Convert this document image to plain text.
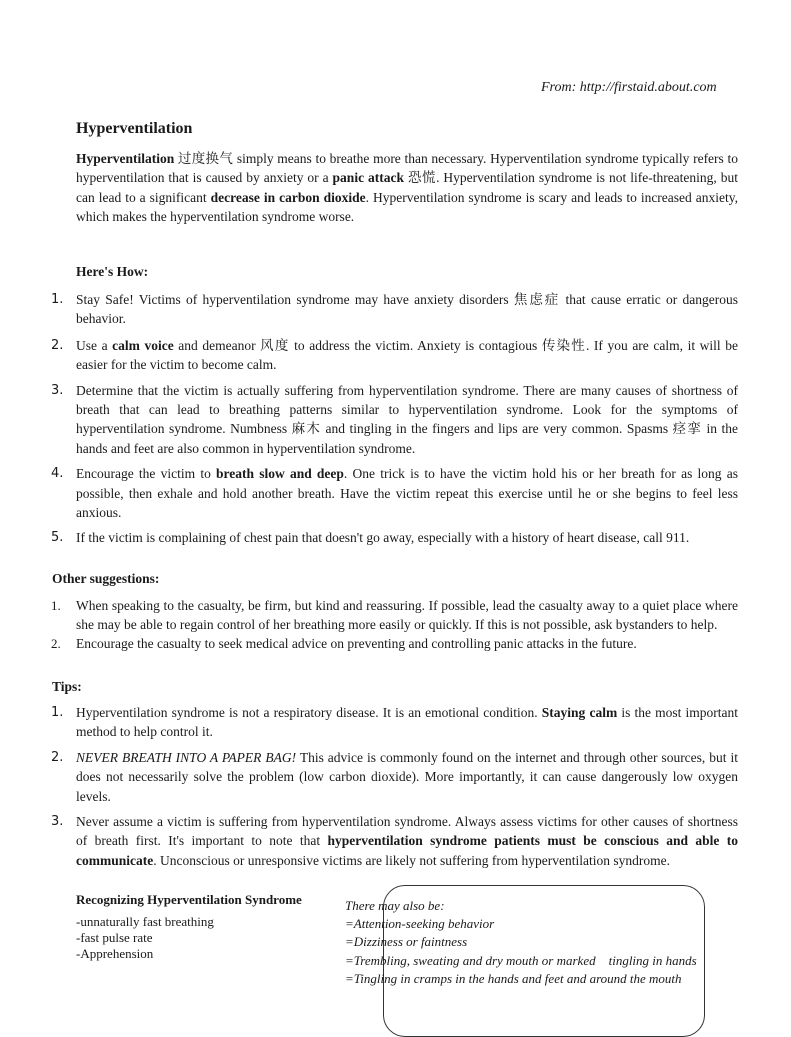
From: http://firstaid.about.com
Hyperventilation
Hyperventilation 过度换气 simply means to breathe more than necessary. Hyperventilation syndrome typically refers to hyperventilation that is caused by anxiety or a panic attack 恐慌. Hyperventilation syndrome is not life-threatening, but can lead to a significant decrease in carbon dioxide. Hyperventilation syndrome is scary and leads to increased anxiety, which makes the hyperventilation syndrome worse.
Here's How:
1. Stay Safe! Victims of hyperventilation syndrome may have anxiety disorders 焦虑症 that cause erratic or dangerous behavior.
2. Use a calm voice and demeanor 风度 to address the victim. Anxiety is contagious 传染性. If you are calm, it will be easier for the victim to become calm.
3. Determine that the victim is actually suffering from hyperventilation syndrome. There are many causes of shortness of breath that can lead to breathing patterns similar to hyperventilation syndrome. Look for the symptoms of hyperventilation syndrome. Numbness 麻木 and tingling in the fingers and lips are very common. Spasms 痉挛 in the hands and feet are also common in hyperventilation syndrome.
4. Encourage the victim to breath slow and deep. One trick is to have the victim hold his or her breath for as long as possible, then exhale and hold another breath. Have the victim repeat this exercise until he or she begins to feel less anxious.
5. If the victim is complaining of chest pain that doesn't go away, especially with a history of heart disease, call 911.
Other suggestions:
1. When speaking to the casualty, be firm, but kind and reassuring. If possible, lead the casualty away to a quiet place where she may be able to regain control of her breathing more easily or quickly. If this is not possible, ask bystanders to help.
2. Encourage the casualty to seek medical advice on preventing and controlling panic attacks in the future.
Tips:
1. Hyperventilation syndrome is not a respiratory disease. It is an emotional condition. Staying calm is the most important method to help control it.
2. NEVER BREATH INTO A PAPER BAG! This advice is commonly found on the internet and through other sources, but it does not necessarily solve the problem (low carbon dioxide). More importantly, it can cause dangerously low oxygen levels.
3. Never assume a victim is suffering from hyperventilation syndrome. Always assess victims for other causes of shortness of breath first. It's important to note that hyperventilation syndrome patients must be conscious and able to communicate. Unconscious or unresponsive victims are likely not suffering from hyperventilation syndrome.
Recognizing Hyperventilation Syndrome
-unnaturally fast breathing
-fast pulse rate
-Apprehension
There may also be:
=Attention-seeking behavior
=Dizziness or faintness
=Trembling, sweating and dry mouth or marked    tingling in hands
=Tingling in cramps in the hands and feet and around the mouth
